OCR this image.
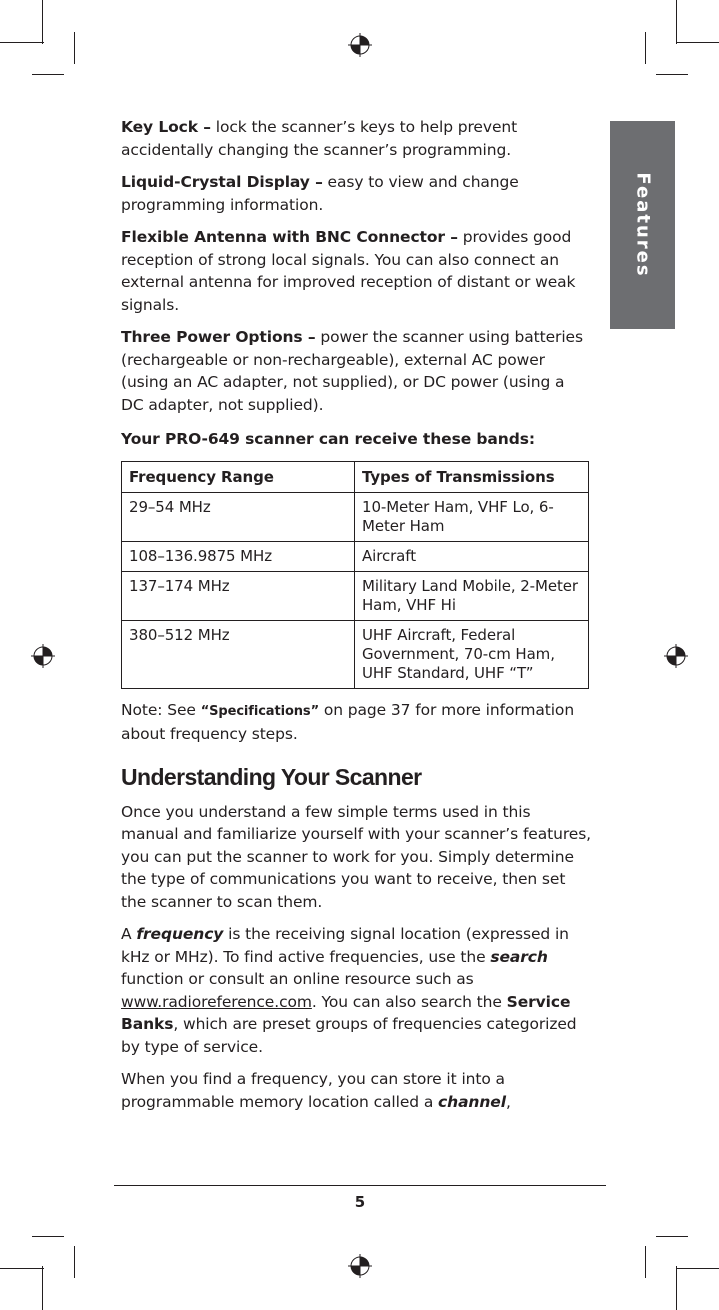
Features

Key Lock – lock the scanner’s keys to help prevent accidentally changing the scanner’s programming.

Liquid-Crystal Display – easy to view and change programming information.

Flexible Antenna with BNC Connector – provides good reception of strong local signals. You can also connect an external antenna for improved reception of distant or weak signals.

Three Power Options – power the scanner using batteries (rechargeable or non-rechargeable), external AC power (using an AC adapter, not supplied), or DC power (using a DC adapter, not supplied).

Your PRO-649 scanner can receive these bands:

Frequency Range	Types of Transmissions
29–54 MHz	10-Meter Ham, VHF Lo, 6-Meter Ham
108–136.9875 MHz	Aircraft
137–174 MHz	Military Land Mobile, 2-Meter Ham, VHF Hi
380–512 MHz	UHF Aircraft, Federal Government, 70-cm Ham, UHF Standard, UHF “T”

Note: See “Specifications” on page 37 for more information about frequency steps.

Understanding Your Scanner

Once you understand a few simple terms used in this manual and familiarize yourself with your scanner’s features, you can put the scanner to work for you. Simply determine the type of communications you want to receive, then set the scanner to scan them.

A frequency is the receiving signal location (expressed in kHz or MHz). To find active frequencies, use the search function or consult an online resource such as www.radioreference.com. You can also search the Service Banks, which are preset groups of frequencies categorized by type of service.

When you find a frequency, you can store it into a programmable memory location called a channel,

5
